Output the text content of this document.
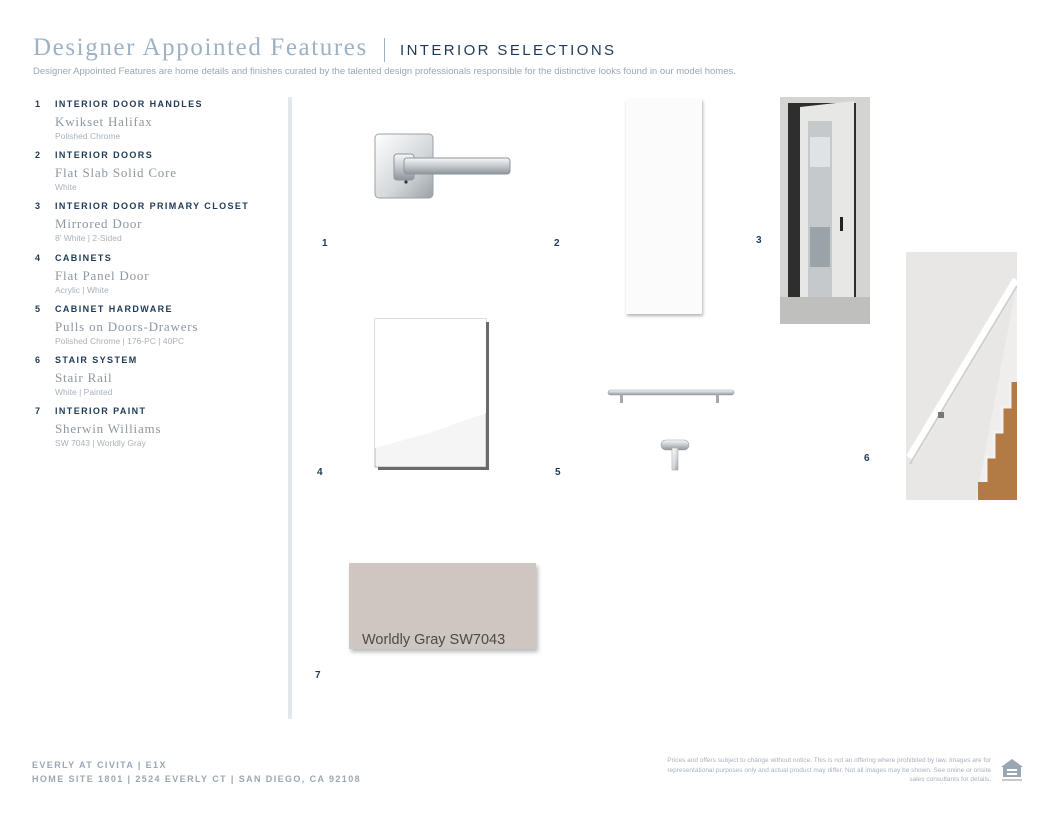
Designer Appointed Features INTERIOR SELECTIONS
Designer Appointed Features are home details and finishes curated by the talented design professionals responsible for the distinctive looks found in our model homes.
1 INTERIOR DOOR HANDLES
Kwikset Halifax
Polished Chrome
2 INTERIOR DOORS
Flat Slab Solid Core
White
3 INTERIOR DOOR PRIMARY CLOSET
Mirrored Door
8' White | 2-Sided
4 CABINETS
Flat Panel Door
Acrylic | White
5 CABINET HARDWARE
Pulls on Doors-Drawers
Polished Chrome | 176-PC | 40PC
6 STAIR SYSTEM
Stair Rail
White | Painted
7 INTERIOR PAINT
Sherwin Williams
SW 7043 | Worldly Gray
Worldly Gray SW7043
1	2	3
4	5
6
7
EVERLY AT CIVITA | E1X
HOME SITE 1801 | 2524 EVERLY CT | SAN DIEGO, CA 92108
Prices and offers subject to change without notice. This is not an offering where prohibited by law. Images are for representational purposes only and actual product may differ. Not all images may be shown. See online or onsite sales consultants for details.
